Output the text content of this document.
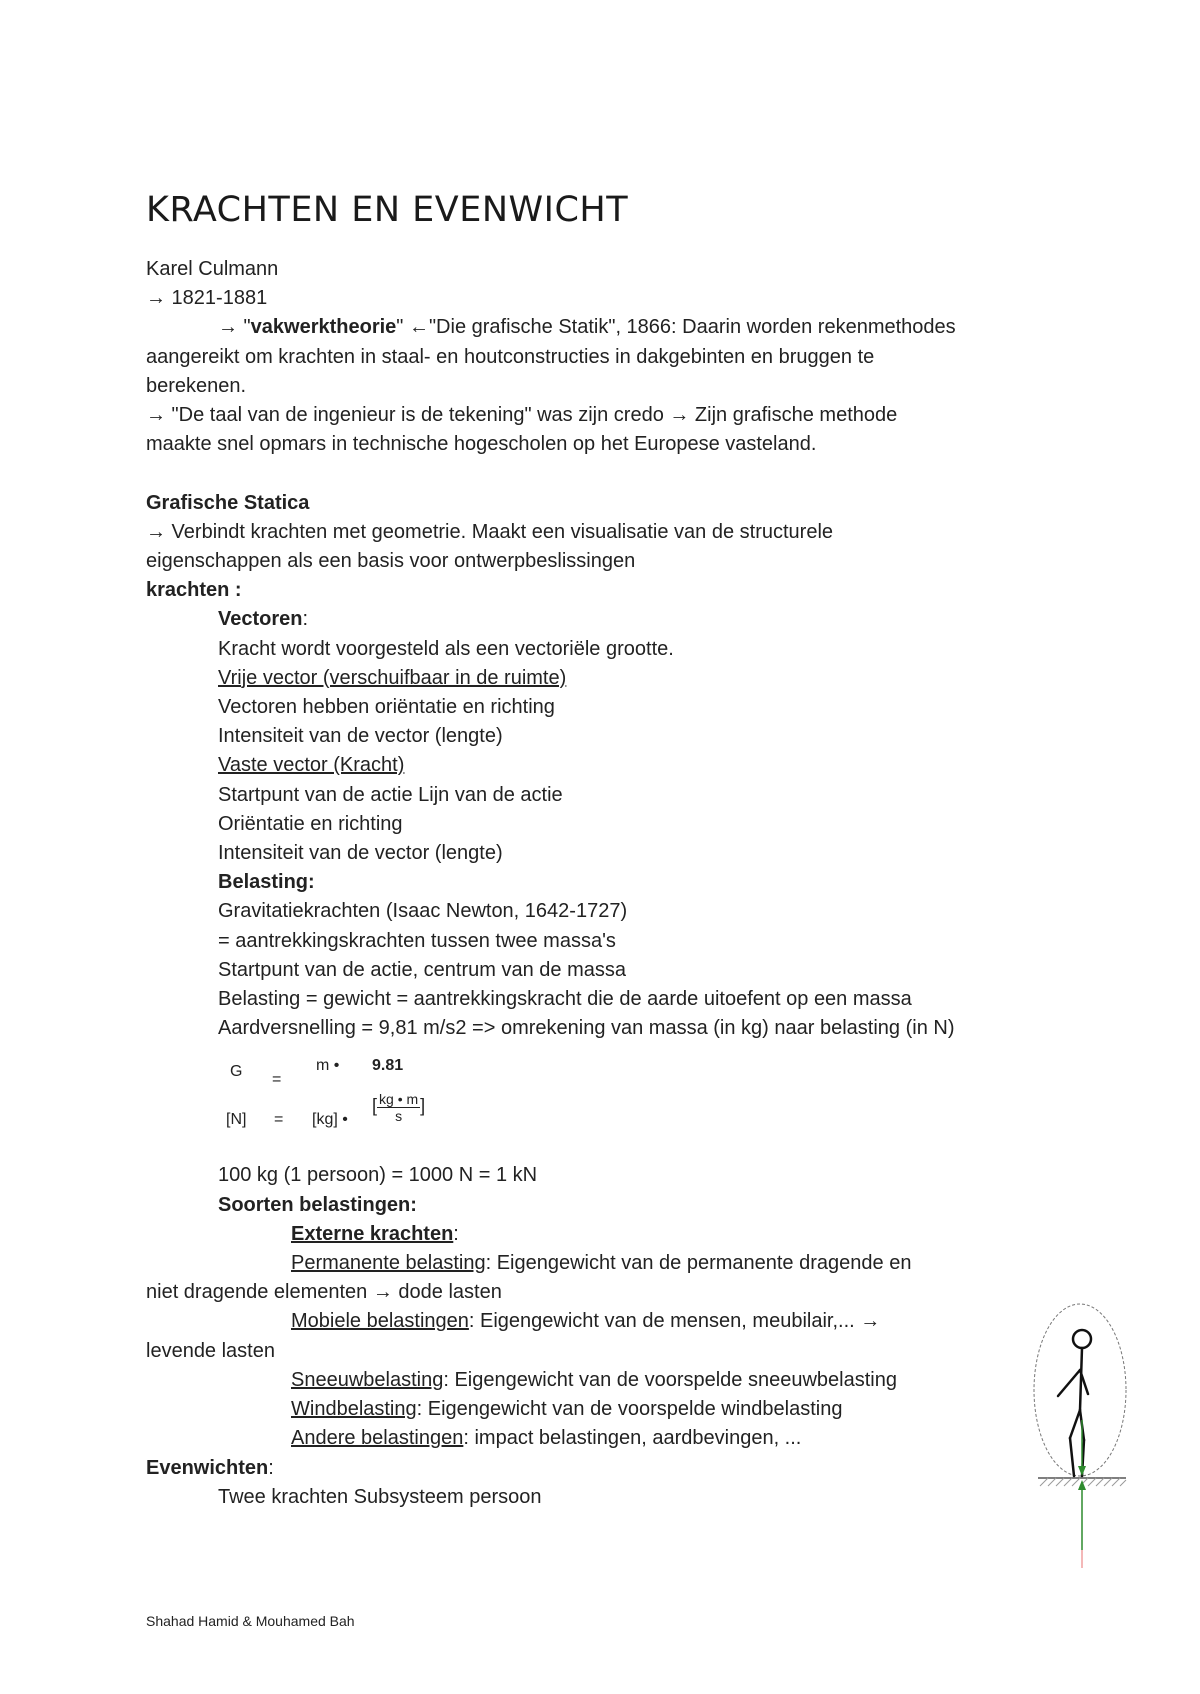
KRACHTEN EN EVENWICHT

Karel Culmann

→ 1821-1881

→ "vakwerktheorie" ←"Die grafische Statik", 1866: Daarin worden rekenmethodes

aangereikt om krachten in staal- en houtconstructies in dakgebinten en bruggen te

berekenen.

→ "De taal van de ingenieur is de tekening" was zijn credo → Zijn grafische methode

maakte snel opmars in technische hogescholen op het Europese vasteland.

Grafische Statica

→ Verbindt krachten met geometrie. Maakt een visualisatie van de structurele

eigenschappen als een basis voor ontwerpbeslissingen

krachten :

Vectoren:

Kracht wordt voorgesteld als een vectoriële grootte.

Vrije vector (verschuifbaar in de ruimte)

Vectoren hebben oriëntatie en richting

Intensiteit van de vector (lengte)

Vaste vector (Kracht)

Startpunt van de actie Lijn van de actie

Oriëntatie en richting

Intensiteit van de vector (lengte)

Belasting:

Gravitatiekrachten (Isaac Newton, 1642-1727)

= aantrekkingskrachten tussen twee massa's

Startpunt van de actie, centrum van de massa

Belasting = gewicht = aantrekkingskracht die de aarde uitoefent op een massa

Aardversnelling = 9,81 m/s2 => omrekening van massa (in kg) naar belasting (in N)

G =
m • 9.81
[N] = [kg] •
[ $\frac{kg • m}{s}$ ]

100 kg (1 persoon) = 1000 N = 1 kN

Soorten belastingen:

Externe krachten:

Permanente belasting: Eigengewicht van de permanente dragende en

niet dragende elementen → dode lasten

Mobiele belastingen: Eigengewicht van de mensen, meubilair,... →

levende lasten

Sneeuwbelasting: Eigengewicht van de voorspelde sneeuwbelasting

Windbelasting: Eigengewicht van de voorspelde windbelasting

Andere belastingen: impact belastingen, aardbevingen, ...

Evenwichten:

Twee krachten Subsysteem persoon

Shahad Hamid & Mouhamed Bah
